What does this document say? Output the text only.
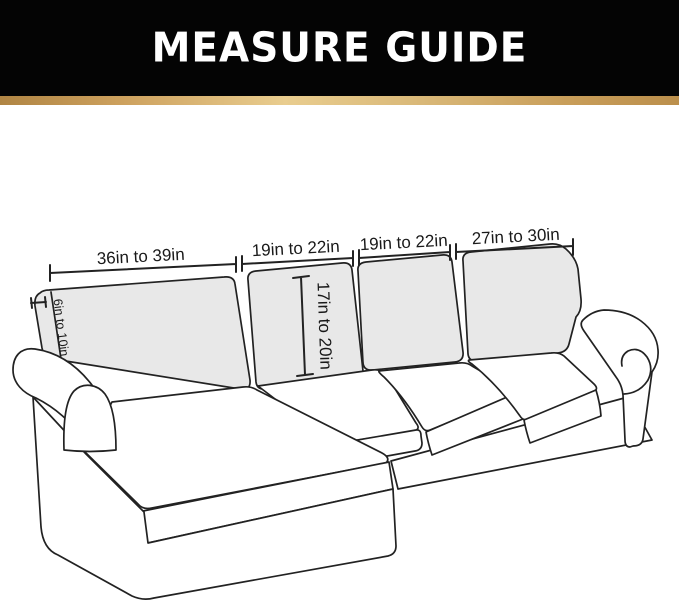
MEASURE GUIDE
36in to 39in	19in to 22in 19in to 22in 27in to 30in
17in to 20in
6in to 10in
